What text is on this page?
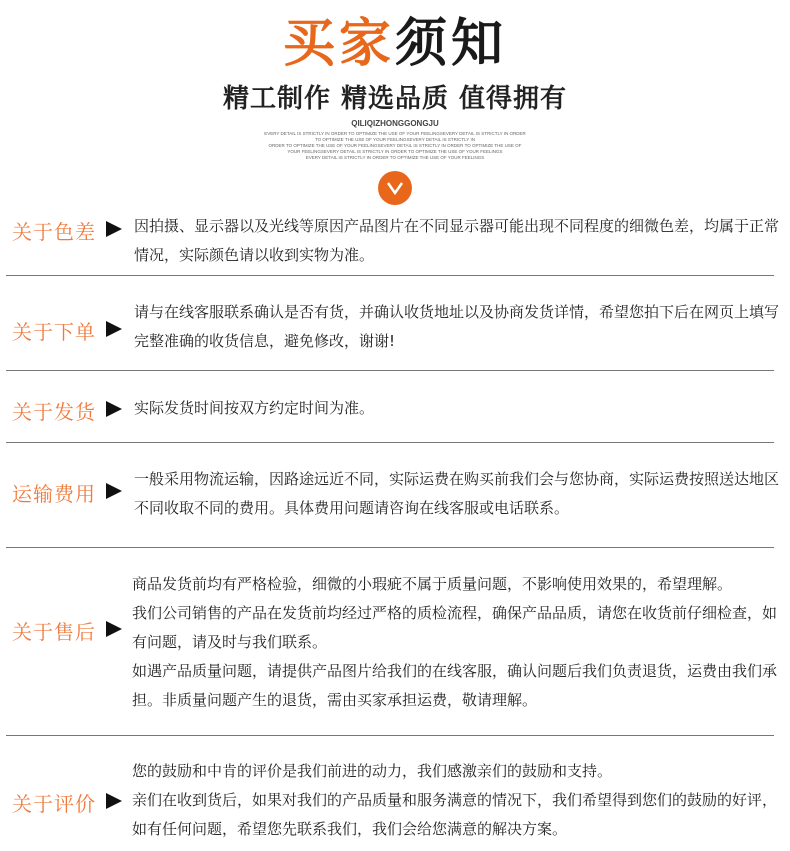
买家须知
精工制作 精选品质 值得拥有
QILIQIZHONGGONGJU
EVERY DETAIL IS STRICTLY IN ORDER TO OPTIMIZE THE USE OF YOUR FEELINGSEVERY DETAIL IS STRICTLY IN ORDER
TO OPTIMIZE THE USE OF YOUR FEELINGSEVERY DETAIL IS STRICTLY IN
ORDER TO OPTIMIZE THE USE OF YOUR FEELINGSEVERY DETAIL IS STRICTLY IN ORDER TO OPTIMIZE THE USE OF
YOUR FEELINGSEVERY DETAIL IS STRICTLY IN ORDER TO OPTIMIZE THE USE OF YOUR FEELINGS
EVERY DETAIL IS STRICTLY IN ORDER TO OPTIMIZE THE USE OF YOUR FEELINGS
关于色差	因拍摄、显示器以及光线等原因产品图片在不同显示器可能出现不同程度的细微色差，均属于正常情况，实际颜色请以收到实物为准。

关于下单

请与在线客服联系确认是否有货，并确认收货地址以及协商发货详情，希望您拍下后在网页上填写完整准确的收货信息，避免修改，谢谢!

关于发货	实际发货时间按双方约定时间为准。

运输费用

一般采用物流运输，因路途远近不同，实际运费在购买前我们会与您协商，实际运费按照送达地区不同收取不同的费用。具体费用问题请咨询在线客服或电话联系。

关于售后

商品发货前均有严格检验，细微的小瑕疵不属于质量问题，不影响使用效果的，希望理解。

我们公司销售的产品在发货前均经过严格的质检流程，确保产品品质，请您在收货前仔细检查，如有问题，请及时与我们联系。

如遇产品质量问题，请提供产品图片给我们的在线客服，确认问题后我们负责退货，运费由我们承担。非质量问题产生的退货，需由买家承担运费，敬请理解。

关于评价

您的鼓励和中肯的评价是我们前进的动力，我们感激亲们的鼓励和支持。

亲们在收到货后，如果对我们的产品质量和服务满意的情况下，我们希望得到您们的鼓励的好评，如有任何问题，希望您先联系我们，我们会给您满意的解决方案。
